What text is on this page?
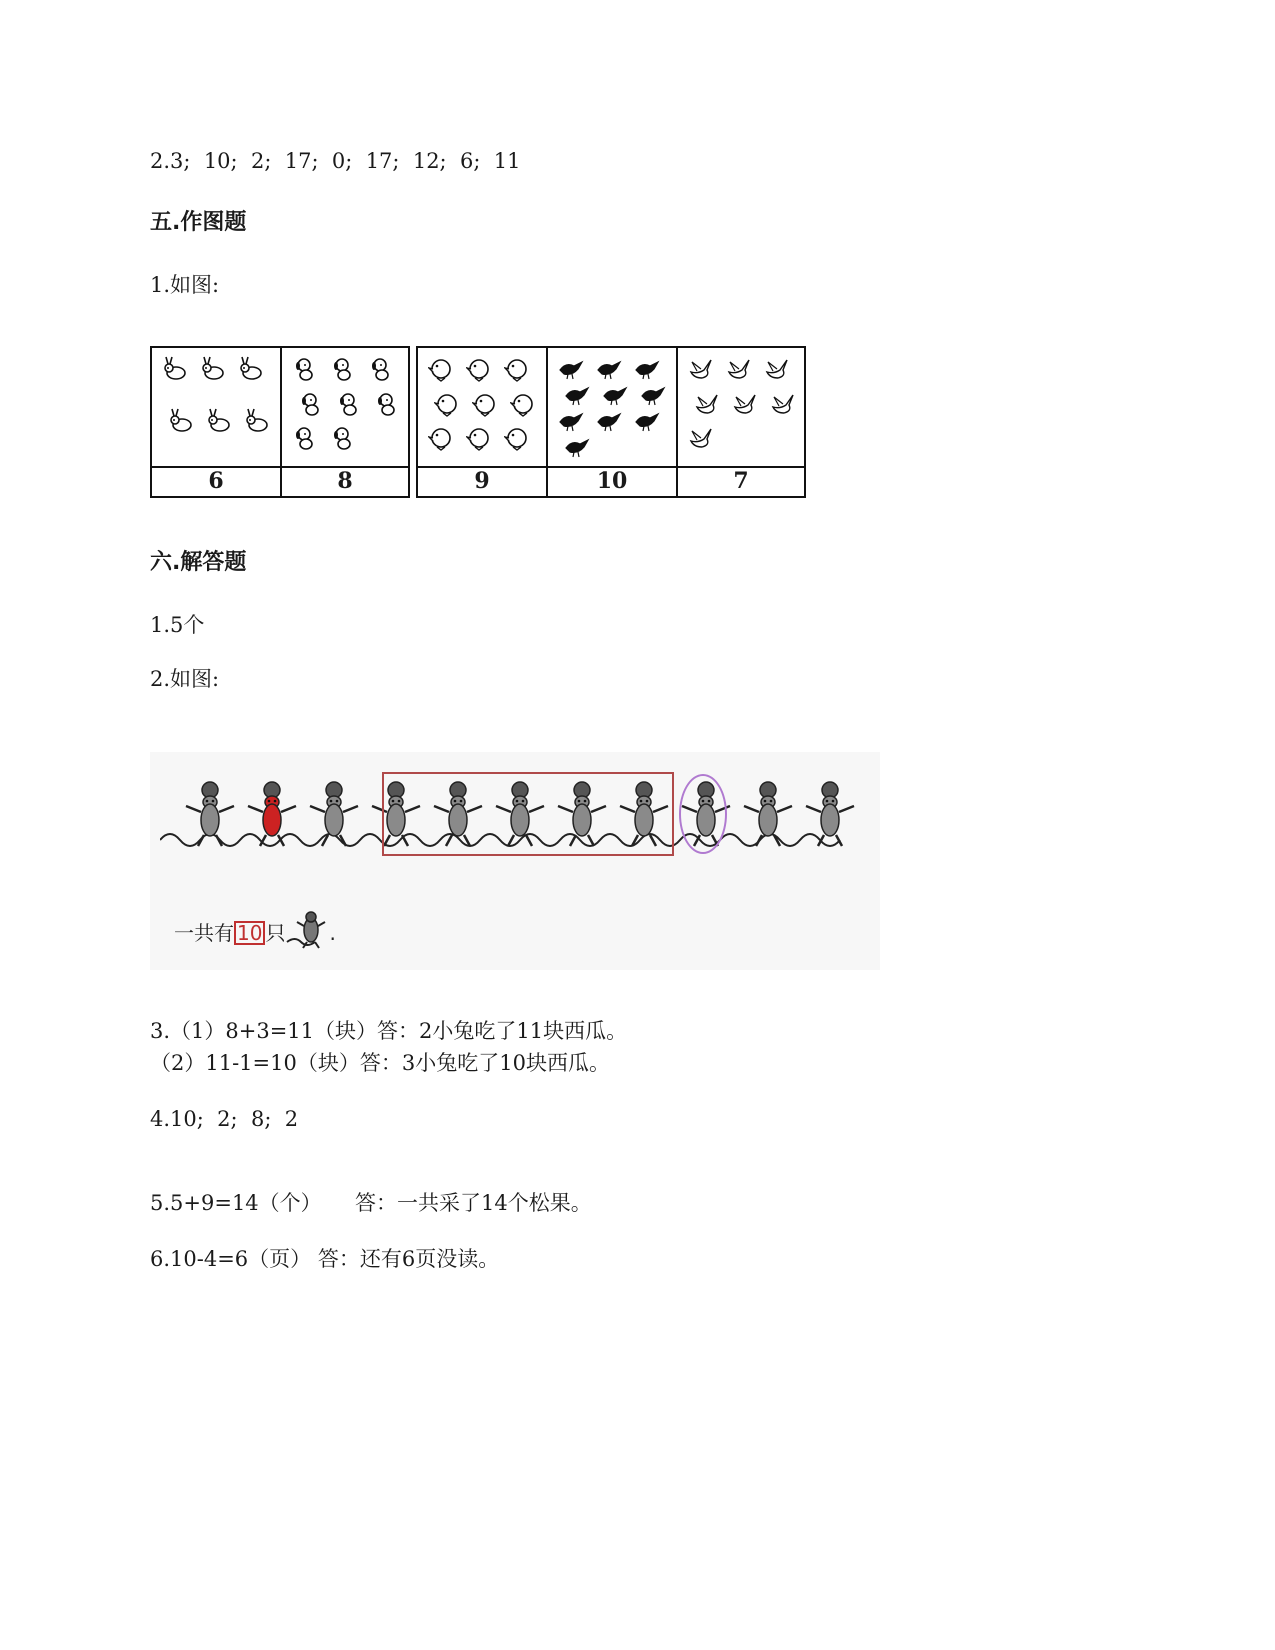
2.3;  10;  2;  17;  0;  17;  12;  6;  11
五.作图题
1.如图:
6	8	9	10	7
六.解答题
1.5个
2.如图:
一共有 10 只 .
3.（1）8+3=11（块）答：2小兔吃了11块西瓜。
（2）11-1=10（块）答：3小兔吃了10块西瓜。
4.10;  2;  8;  2
5.5+9=14（个）     答：一共采了14个松果。
6.10-4=6（页） 答：还有6页没读。
